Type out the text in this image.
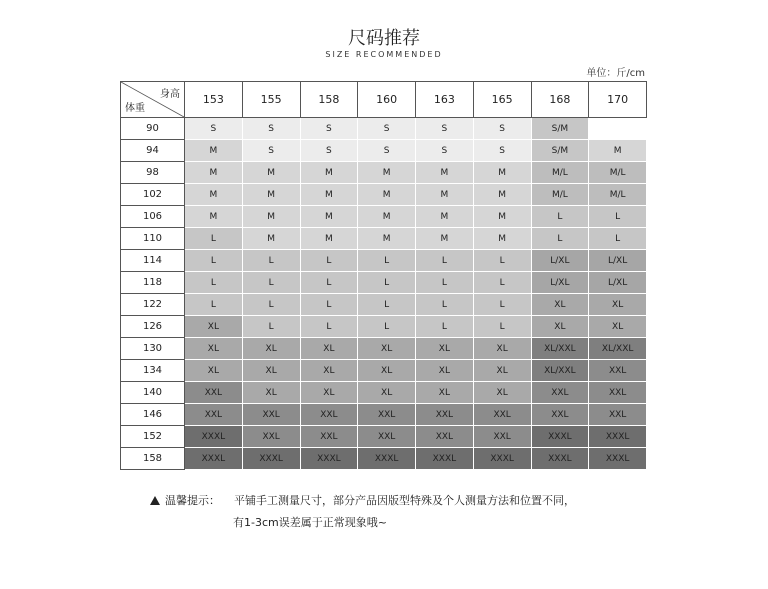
尺码推荐
SIZE RECOMMENDED
单位：斤/cm
身高
体重	153	155	158	160	163	165	168	170
90	S	S	S	S	S	S	S/M	
94	M	S	S	S	S	S	S/M	M
98	M	M	M	M	M	M	M/L	M/L
102	M	M	M	M	M	M	M/L	M/L
106	M	M	M	M	M	M	L	L
110	L	M	M	M	M	M	L	L
114	L	L	L	L	L	L	L/XL	L/XL
118	L	L	L	L	L	L	L/XL	L/XL
122	L	L	L	L	L	L	XL	XL
126	XL	L	L	L	L	L	XL	XL
130	XL	XL	XL	XL	XL	XL	XL/XXL	XL/XXL
134	XL	XL	XL	XL	XL	XL	XL/XXL	XXL
140	XXL	XL	XL	XL	XL	XL	XXL	XXL
146	XXL	XXL	XXL	XXL	XXL	XXL	XXL	XXL
152	XXXL	XXL	XXL	XXL	XXL	XXL	XXXL	XXXL
158	XXXL	XXXL	XXXL	XXXL	XXXL	XXXL	XXXL	XXXL
温馨提示： 平铺手工测量尺寸，部分产品因版型特殊及个人测量方法和位置不同，
有1-3cm误差属于正常现象哦~
